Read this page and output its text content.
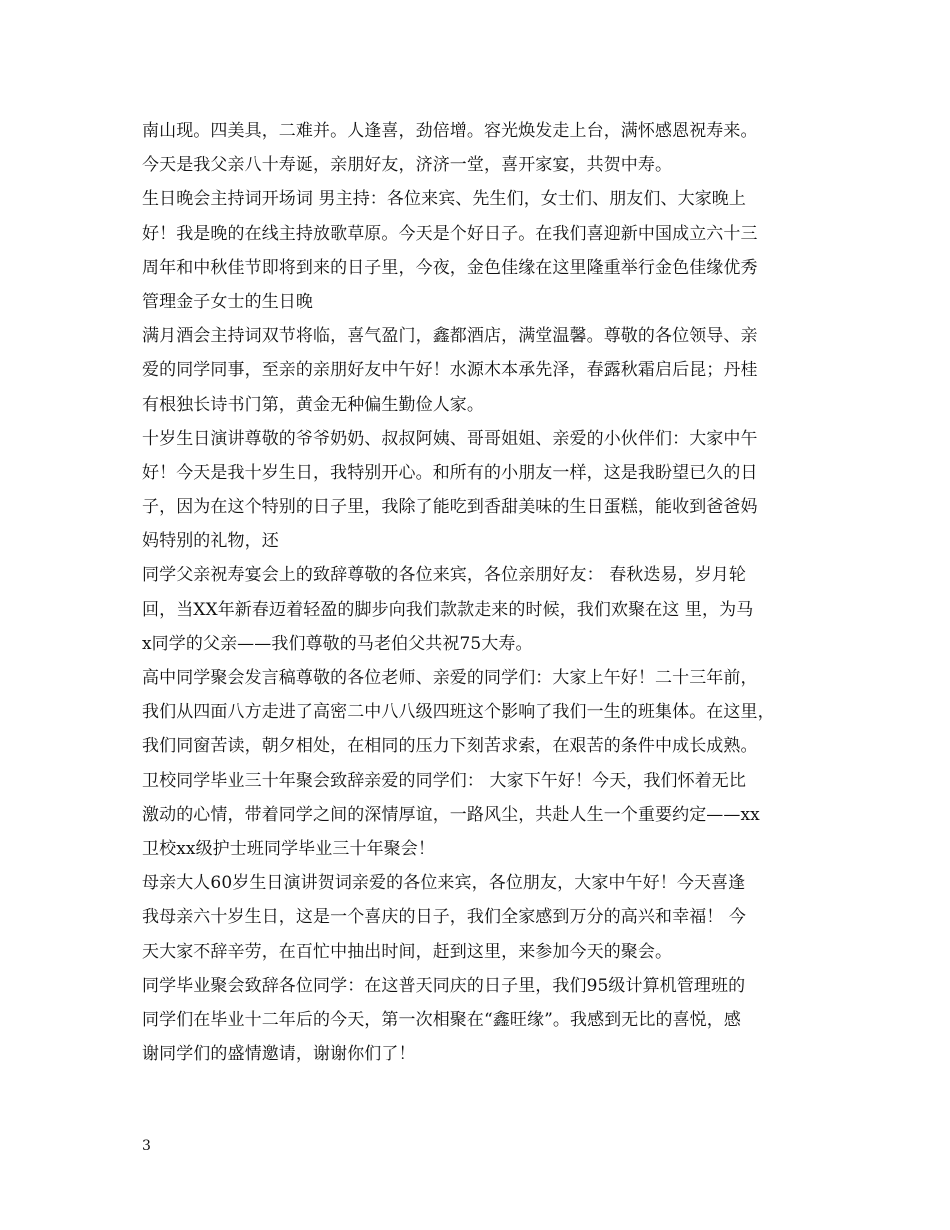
南山现。四美具，二难并。人逢喜，劲倍增。容光焕发走上台，满怀感恩祝寿来。
今天是我父亲八十寿诞，亲朋好友，济济一堂，喜开家宴，共贺中寿。
生日晚会主持词开场词 男主持：各位来宾、先生们，女士们、朋友们、大家晚上
好！我是晚的在线主持放歌草原。今天是个好日子。在我们喜迎新中国成立六十三
周年和中秋佳节即将到来的日子里，今夜，金色佳缘在这里隆重举行金色佳缘优秀
管理金子女士的生日晚
满月酒会主持词双节将临，喜气盈门，鑫都酒店，满堂温馨。尊敬的各位领导、亲
爱的同学同事，至亲的亲朋好友中午好！水源木本承先泽，春露秋霜启后昆；丹桂
有根独长诗书门第，黄金无种偏生勤俭人家。
十岁生日演讲尊敬的爷爷奶奶、叔叔阿姨、哥哥姐姐、亲爱的小伙伴们：大家中午
好！今天是我十岁生日，我特别开心。和所有的小朋友一样，这是我盼望已久的日
子，因为在这个特别的日子里，我除了能吃到香甜美味的生日蛋糕，能收到爸爸妈
妈特别的礼物，还
同学父亲祝寿宴会上的致辞尊敬的各位来宾，各位亲朋好友： 春秋迭易，岁月轮
回，当XX年新春迈着轻盈的脚步向我们款款走来的时候，我们欢聚在这 里，为马
x同学的父亲——我们尊敬的马老伯父共祝75大寿。
高中同学聚会发言稿尊敬的各位老师、亲爱的同学们：大家上午好！二十三年前，
我们从四面八方走进了高密二中八八级四班这个影响了我们一生的班集体。在这里，
我们同窗苦读，朝夕相处，在相同的压力下刻苦求索，在艰苦的条件中成长成熟。
卫校同学毕业三十年聚会致辞亲爱的同学们： 大家下午好！今天，我们怀着无比
激动的心情，带着同学之间的深情厚谊，一路风尘，共赴人生一个重要约定——xx
卫校xx级护士班同学毕业三十年聚会！
母亲大人60岁生日演讲贺词亲爱的各位来宾，各位朋友，大家中午好！今天喜逢
我母亲六十岁生日，这是一个喜庆的日子，我们全家感到万分的高兴和幸福！ 今
天大家不辞辛劳，在百忙中抽出时间，赶到这里，来参加今天的聚会。
同学毕业聚会致辞各位同学：在这普天同庆的日子里，我们95级计算机管理班的
同学们在毕业十二年后的今天，第一次相聚在“鑫旺缘”。我感到无比的喜悦，感
谢同学们的盛情邀请，谢谢你们了！
3
